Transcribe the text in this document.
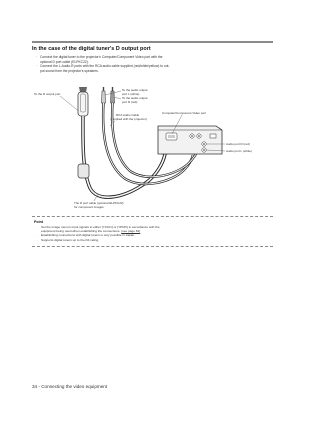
In the case of the digital tuner's D output port
· Connect the digital tuner to the projector's Computer/Component Video port with the
optional D port cable (ELPKC22).
· Connect the L-Audio-R ports with the RCA audio cable supplied (red/white/yellow) to out-
put sound from the projector's speakers.
To the D output port
To the audio output
port L (white)
To the audio output
port R (red)
RCA Audio Cable
(supplied with the projector)
Computer/Component Video port
Audio port R (red)
Audio port L (white)
The D port cable (optional ELPKC22)
for component images
Point
· Set the image menu's input signals to either [YCbCr] or [YPbPr] in accordance with the
equipment being used when establishing the connections. (see page 62)
· Establishing connections with digital tuners is only possible in Japan.
· Supports digital tuners up to the D4 rating.
34 - Connecting the video equipment
